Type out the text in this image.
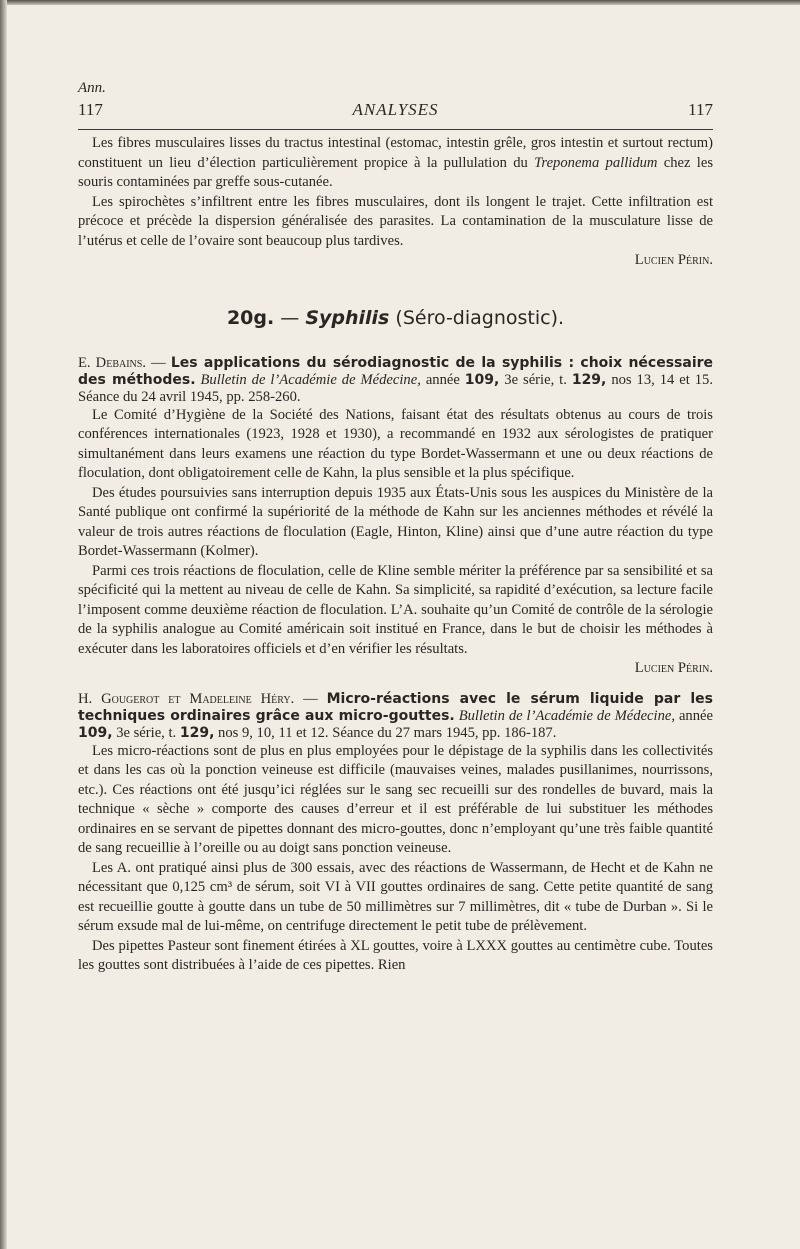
Ann.
117	ANALYSES	117

Les fibres musculaires lisses du tractus intestinal (estomac, intestin grêle, gros intestin et surtout rectum) constituent un lieu d’élection particulièrement propice à la pullulation du Treponema pallidum chez les souris contaminées par greffe sous-cutanée.

Les spirochètes s’infiltrent entre les fibres musculaires, dont ils longent le trajet. Cette infiltration est précoce et précède la dispersion généralisée des parasites. La contamination de la musculature lisse de l’utérus et celle de l’ovaire sont beaucoup plus tardives.
Lucien Périn.

20g. — Syphilis (Séro-diagnostic).
E. Debains. — Les applications du sérodiagnostic de la syphilis : choix nécessaire des méthodes. Bulletin de l’Académie de Médecine, année 109, 3e série, t. 129, nos 13, 14 et 15. Séance du 24 avril 1945, pp. 258-260.

Le Comité d’Hygiène de la Société des Nations, faisant état des résultats obtenus au cours de trois conférences internationales (1923, 1928 et 1930), a recommandé en 1932 aux sérologistes de pratiquer simultanément dans leurs examens une réaction du type Bordet-Wassermann et une ou deux réactions de floculation, dont obligatoirement celle de Kahn, la plus sensible et la plus spécifique.

Des études poursuivies sans interruption depuis 1935 aux États-Unis sous les auspices du Ministère de la Santé publique ont confirmé la supériorité de la méthode de Kahn sur les anciennes méthodes et révélé la valeur de trois autres réactions de floculation (Eagle, Hinton, Kline) ainsi que d’une autre réaction du type Bordet-Wassermann (Kolmer).

Parmi ces trois réactions de floculation, celle de Kline semble mériter la préférence par sa sensibilité et sa spécificité qui la mettent au niveau de celle de Kahn. Sa simplicité, sa rapidité d’exécution, sa lecture facile l’imposent comme deuxième réaction de floculation. L’A. souhaite qu’un Comité de contrôle de la sérologie de la syphilis analogue au Comité américain soit institué en France, dans le but de choisir les méthodes à exécuter dans les laboratoires officiels et d’en vérifier les résultats.
Lucien Périn.

H. Gougerot et Madeleine Héry. — Micro-réactions avec le sérum liquide par les techniques ordinaires grâce aux micro-gouttes. Bulletin de l’Académie de Médecine, année 109, 3e série, t. 129, nos 9, 10, 11 et 12. Séance du 27 mars 1945, pp. 186-187.

Les micro-réactions sont de plus en plus employées pour le dépistage de la syphilis dans les collectivités et dans les cas où la ponction veineuse est difficile (mauvaises veines, malades pusillanimes, nourrissons, etc.). Ces réactions ont été jusqu’ici réglées sur le sang sec recueilli sur des rondelles de buvard, mais la technique « sèche » comporte des causes d’erreur et il est préférable de lui substituer les méthodes ordinaires en se servant de pipettes donnant des micro-gouttes, donc n’employant qu’une très faible quantité de sang recueillie à l’oreille ou au doigt sans ponction veineuse.

Les A. ont pratiqué ainsi plus de 300 essais, avec des réactions de Wassermann, de Hecht et de Kahn ne nécessitant que 0,125 cm³ de sérum, soit VI à VII gouttes ordinaires de sang. Cette petite quantité de sang est recueillie goutte à goutte dans un tube de 50 millimètres sur 7 millimètres, dit « tube de Durban ». Si le sérum exsude mal de lui-même, on centrifuge directement le petit tube de prélèvement.

Des pipettes Pasteur sont finement étirées à XL gouttes, voire à LXXX gouttes au centimètre cube. Toutes les gouttes sont distribuées à l’aide de ces pipettes. Rien
